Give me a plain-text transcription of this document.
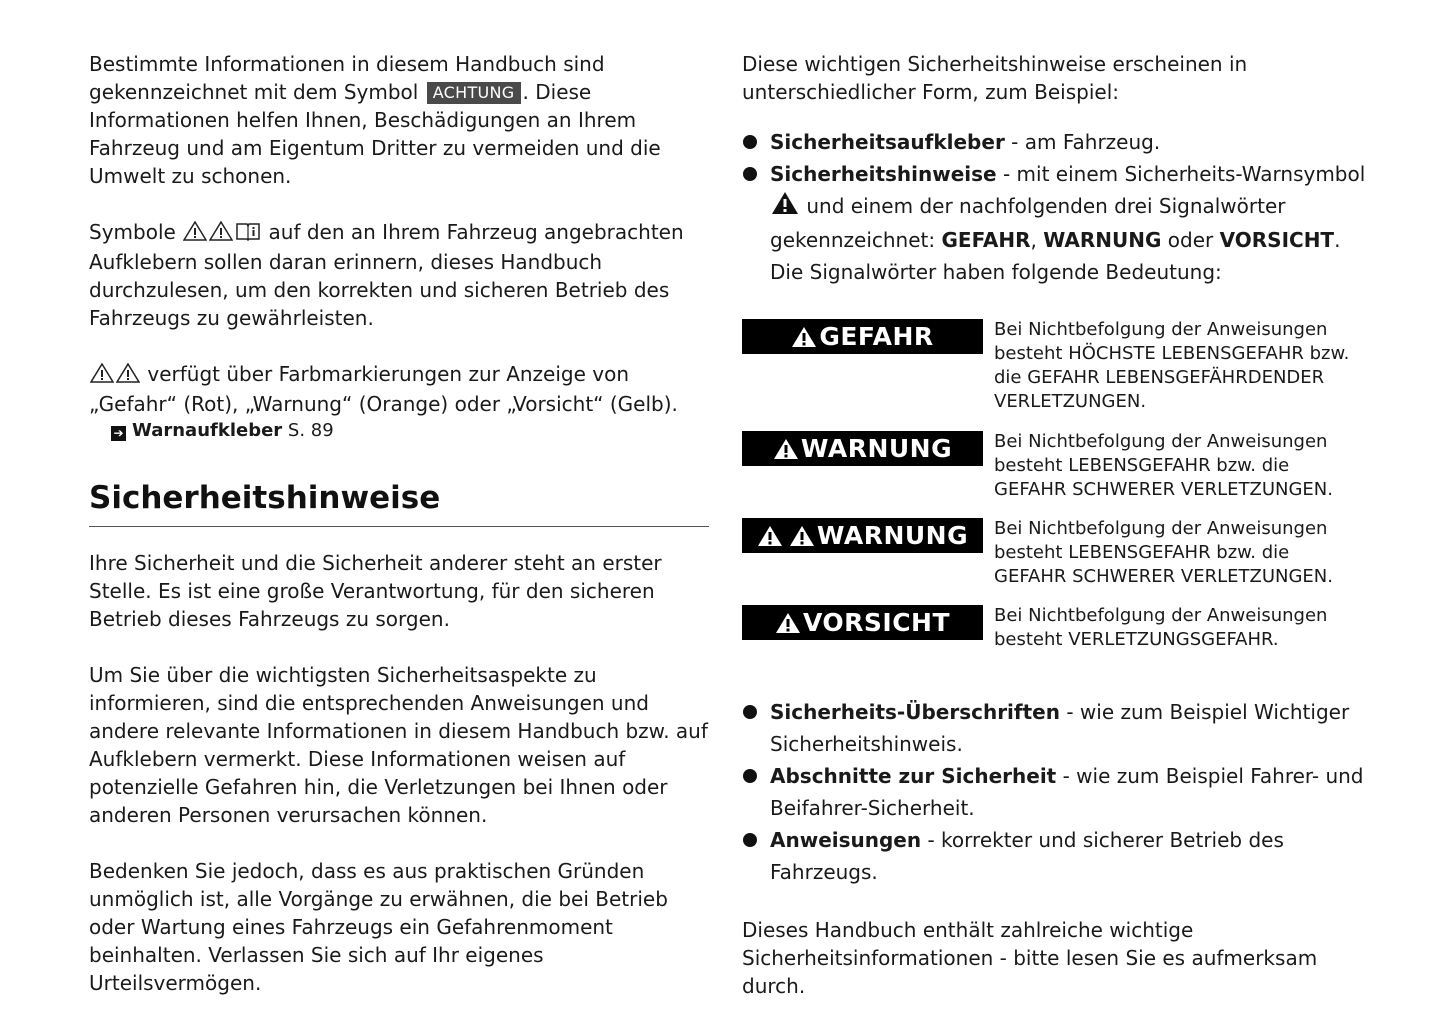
Bestimmte Informationen in diesem Handbuch sind gekennzeichnet mit dem Symbol ACHTUNG . Diese Informationen helfen Ihnen, Beschädigungen an Ihrem Fahrzeug und am Eigentum Dritter zu vermeiden und die Umwelt zu schonen.

Symbole	auf den an Ihrem Fahrzeug angebrachten Aufklebern sollen daran erinnern, dieses Handbuch durchzulesen, um den korrekten und sicheren Betrieb des Fahrzeugs zu gewährleisten.

verfügt über Farbmarkierungen zur Anzeige von „Gefahr“ (Rot), „Warnung“ (Orange) oder „Vorsicht“ (Gelb).

➔ Warnaufkleber S. 89
Sicherheitshinweise

Ihre Sicherheit und die Sicherheit anderer steht an erster Stelle. Es ist eine große Verantwortung, für den sicheren Betrieb dieses Fahrzeugs zu sorgen.

Um Sie über die wichtigsten Sicherheitsaspekte zu informieren, sind die entsprechenden Anweisungen und andere relevante Informationen in diesem Handbuch bzw. auf Aufklebern vermerkt. Diese Informationen weisen auf potenzielle Gefahren hin, die Verletzungen bei Ihnen oder anderen Personen verursachen können.

Bedenken Sie jedoch, dass es aus praktischen Gründen unmöglich ist, alle Vorgänge zu erwähnen, die bei Betrieb oder Wartung eines Fahrzeugs ein Gefahrenmoment beinhalten. Verlassen Sie sich auf Ihr eigenes Urteilsvermögen.

Diese wichtigen Sicherheitshinweise erscheinen in unterschiedlicher Form, zum Beispiel:

Sicherheitsaufkleber - am Fahrzeug.
Sicherheitshinweise - mit einem Sicherheits-Warnsymbol  und einem der nachfolgenden drei Signalwörter gekennzeichnet: GEFAHR, WARNUNG oder VORSICHT.
Die Signalwörter haben folgende Bedeutung:
GEFAHR	Bei Nichtbefolgung der Anweisungen besteht HÖCHSTE LEBENSGEFAHR bzw. die GEFAHR LEBENSGEFÄHRDENDER VERLETZUNGEN.
WARNUNG Bei Nichtbefolgung der Anweisungen besteht LEBENSGEFAHR bzw. die GEFAHR SCHWERER VERLETZUNGEN.
WARNUNG Bei Nichtbefolgung der Anweisungen besteht LEBENSGEFAHR bzw. die GEFAHR SCHWERER VERLETZUNGEN.
VORSICHT Bei Nichtbefolgung der Anweisungen besteht VERLETZUNGSGEFAHR.
Sicherheits-Überschriften - wie zum Beispiel Wichtiger Sicherheitshinweis.
Abschnitte zur Sicherheit - wie zum Beispiel Fahrer- und Beifahrer-Sicherheit.
Anweisungen - korrekter und sicherer Betrieb des Fahrzeugs.

Dieses Handbuch enthält zahlreiche wichtige Sicherheitsinformationen - bitte lesen Sie es aufmerksam durch.
